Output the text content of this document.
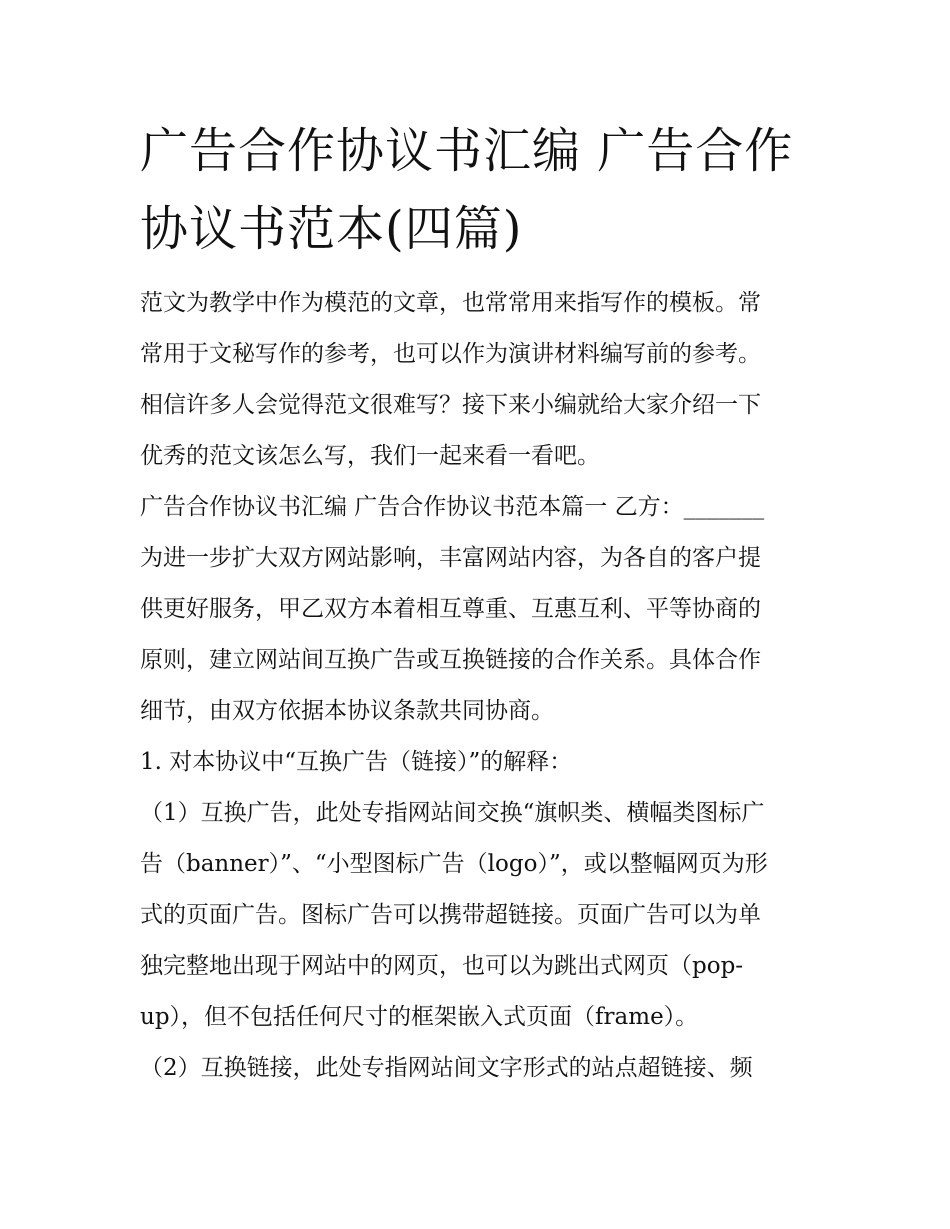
广告合作协议书汇编 广告合作
协议书范本(四篇)
范文为教学中作为模范的文章，也常常用来指写作的模板。常
常用于文秘写作的参考，也可以作为演讲材料编写前的参考。
相信许多人会觉得范文很难写？接下来小编就给大家介绍一下
优秀的范文该怎么写，我们一起来看一看吧。
广告合作协议书汇编 广告合作协议书范本篇一 乙方：_______
为进一步扩大双方网站影响，丰富网站内容，为各自的客户提
供更好服务，甲乙双方本着相互尊重、互惠互利、平等协商的
原则，建立网站间互换广告或互换链接的合作关系。具体合作
细节，由双方依据本协议条款共同协商。
1. 对本协议中“互换广告（链接）”的解释：
（1）互换广告，此处专指网站间交换“旗帜类、横幅类图标广
告（banner）”、“小型图标广告（logo）”，或以整幅网页为形
式的页面广告。图标广告可以携带超链接。页面广告可以为单
独完整地出现于网站中的网页，也可以为跳出式网页（pop-
up），但不包括任何尺寸的框架嵌入式页面（frame）。
（2）互换链接，此处专指网站间文字形式的站点超链接、频
